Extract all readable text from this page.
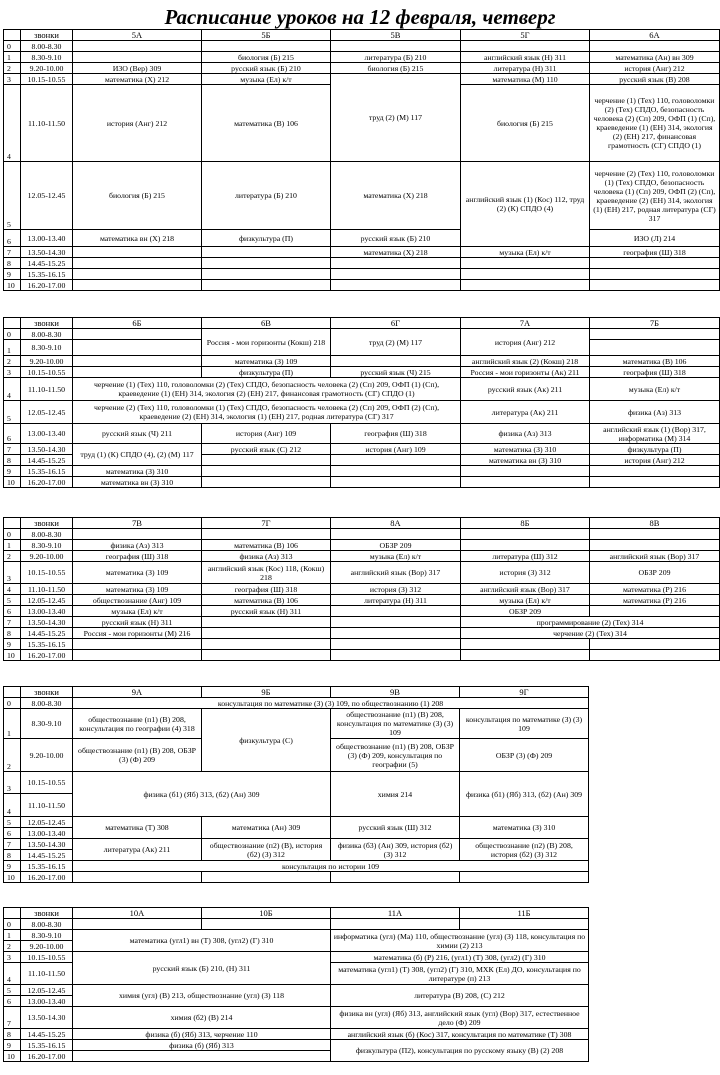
Расписание уроков на 12 февраля, четверг
	звонки	5А	5Б	5В	5Г	6А
0	8.00-8.30					
1	8.30-9.10		биология (Б) 215	литература (Б) 210	английский язык (Н) 311	математика (Ан) вн 309
2	9.20-10.00	ИЗО (Вер) 309	русский язык (Б) 210	биология (Б) 215	литература (Н) 311	история (Анг) 212
3	10.15-10.55	математика (Х) 212	музыка (Ел) к/т	труд (2) (М) 117	математика (М) 110	русский язык (В) 208
4	11.10-11.50	история (Анг) 212	математика (В) 106		биология (Б) 215	черчение (1) (Тех) 110, головоломки (2) (Тех) СПДО, безопасность человека (2) (Сп) 209, ОФП (1) (Сп), краеведение (1) (ЕН) 314, экология (2) (ЕН) 217, финансовая грамотность (СГ) СПДО (1)
5	12.05-12.45	биология (Б) 215	литература (Б) 210	математика (Х) 218	английский язык (1) (Кос) 112, труд (2) (К) СПДО (4)	черчение (2) (Тех) 110, головоломки (1) (Тех) СПДО, безопасность человека (1) (Сп) 209, ОФП (2) (Сп), краеведение (2) (ЕН) 314, экология (1) (ЕН) 217, родная литература (СГ) 317
6	13.00-13.40	математика вн (Х) 218	физкультура (П)	русский язык (Б) 210		ИЗО (Л) 214
7	13.50-14.30			математика (Х) 218	музыка (Ел) к/т	география (Ш) 318
8	14.45-15.25					
9	15.35-16.15					
10	16.20-17.00					
	звонки	6Б	6В	6Г	7А	7Б
0	8.00-8.30		Россия - мои горизонты (Кокш) 218	труд (2) (М) 117	история (Анг) 212	
1	8.30-9.10					
2	9.20-10.00		математика (З) 109		английский язык (2) (Кокш) 218	математика (В) 106
3	10.15-10.55		физкультура (П)	русский язык (Ч) 215	Россия - мои горизонты (Ак) 211	география (Ш) 318
4	11.10-11.50	черчение (1) (Тех) 110, головоломки (2) (Тех) СПДО, безопасность человека (2) (Сп) 209, ОФП (1) (Сп), краеведение (1) (ЕН) 314, экология (2) (ЕН) 217, финансовая грамотность (СГ) СПДО (1)			русский язык (Ак) 211	музыка (Ел) к/т
5	12.05-12.45	черчение (2) (Тех) 110, головоломки (1) (Тех) СПДО, безопасность человека (2) (Сп) 209, ОФП (2) (Сп), краеведение (2) (ЕН) 314, экология (1) (ЕН) 217, родная литература (СГ) 317			литература (Ак) 211	физика (Аз) 313
6	13.00-13.40	русский язык (Ч) 211	история (Анг) 109	география (Ш) 318	физика (Аз) 313	английский язык (1) (Вор) 317, информатика (М) 314
7	13.50-14.30	труд (1) (К) СПДО (4), (2) (М) 117	русский язык (С) 212	история (Анг) 109	математика (З) 310	физкультура (П)
8	14.45-15.25				математика вн (З) 310	история (Анг) 212
9	15.35-16.15	математика (З) 310				
10	16.20-17.00	математика вн (З) 310				
	звонки	7В	7Г	8А	8Б	8В
0	8.00-8.30					
1	8.30-9.10	физика (Аз) 313	математика (В) 106	ОБЗР 209		
2	9.20-10.00	география (Ш) 318	физика (Аз) 313	музыка (Ел) к/т	литература (Ш) 312	английский язык (Вор) 317
3	10.15-10.55	математика (З) 109	английский язык (Кос) 118, (Кокш) 218	английский язык (Вор) 317	история (З) 312	ОБЗР 209
4	11.10-11.50	математика (З) 109	география (Ш) 318	история (З) 312	английский язык (Вор) 317	математика (Р) 216
5	12.05-12.45	обществознание (Анг) 109	математика (В) 106	литература (Н) 311	музыка (Ел) к/т	математика (Р) 216
6	13.00-13.40	музыка (Ел) к/т	русский язык (Н) 311		ОБЗР 209	
7	13.50-14.30	русский язык (Н) 311			программирование (2) (Тех) 314	
8	14.45-15.25	Россия - мои горизонты (М) 216			черчение (2) (Тех) 314	
9	15.35-16.15					
10	16.20-17.00					
	звонки	9А	9Б	9В	9Г
0	8.00-8.30	консультация по математике (З) (3) 109, по обществознанию (1) 208			
1	8.30-9.10	обществознание (п1) (В) 208, консультация по географии (4) 318	физкультура (С)	обществознание (п1) (В) 208, консультация по математике (З) (3) 109	консультация по математике (З) (3) 109
2	9.20-10.00	обществознание (п1) (В) 208, ОБЗР (3) (Ф) 209		обществознание (п1) (В) 208, ОБЗР (3) (Ф) 209, консультация по географии (5)	ОБЗР (3) (Ф) 209
3	10.15-10.55	физика (б1) (Яб) 313, (б2) (Ан) 309		химия 214	физика (б1) (Яб) 313, (б2) (Ан) 309
4	11.10-11.50				
5	12.05-12.45	математика (Т) 308	математика (Ан) 309	русский язык (Ш) 312	математика (З) 310
6	13.00-13.40				
7	13.50-14.30	литература (Ак) 211	обществознание (п2) (В), история (б2) (З) 312	физика (б3) (Ан) 309, история (б2) (З) 312	обществознание (п2) (В) 208, история (б2) (З) 312
8	14.45-15.25				
9	15.35-16.15	консультация по истории 109			
10	16.20-17.00				
	звонки	10А	10Б	11А	11Б
0	8.00-8.30				
1	8.30-9.10	математика (угл1) вн (Т) 308, (угл2) (Г) 310		информатика (угл) (Ма) 110, обществознание (угл) (З) 118, консультация по химии (2) 213	
2	9.20-10.00				
3	10.15-10.55	русский язык (Б) 210, (Н) 311		математика (б) (Р) 216, (угл1) (Т) 308, (угл2) (Г) 310	
4	11.10-11.50			математика (угл1) (Т) 308, (угл2) (Г) 310, МХК (Ел) ДО, консультация по литературе (п) 213	
5	12.05-12.45	химия (угл) (В) 213, обществознание (угл) (З) 118		литература (В) 208, (С) 212	
6	13.00-13.40				
7	13.50-14.30	химия (б2) (В) 214		физика вн (угл) (Яб) 313, английский язык (угл) (Вор) 317, естественное дело (Ф) 209	
8	14.45-15.25	физика (б) (Яб) 313, черчение 110		английский язык (б) (Кос) 317, консультация по математике (Т) 308	
9	15.35-16.15	физика (б) (Яб) 313		физкультура (П2), консультация по русскому языку (В) (2) 208	
10	16.20-17.00				
